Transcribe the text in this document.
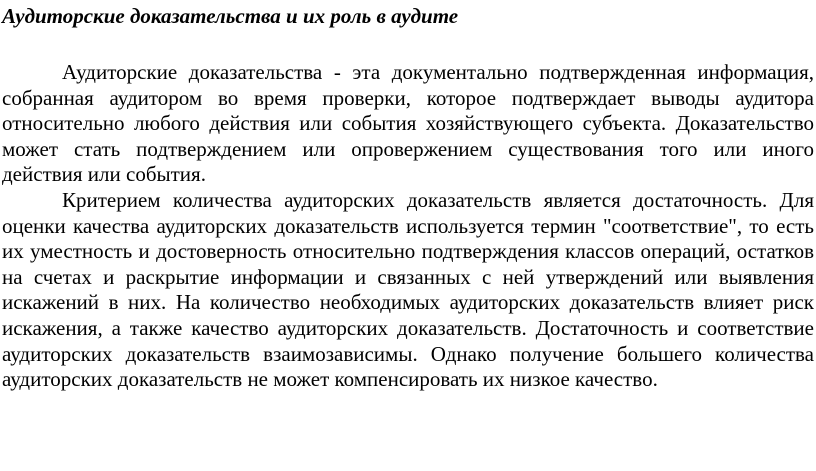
Аудиторские доказательства и их роль в аудите

Аудиторские доказательства - эта документально подтвержденная информация, собранная аудитором во время проверки, которое подтверждает выводы аудитора относительно любого действия или события хозяйствующего субъекта. Доказательство может стать подтверждением или опровержением существования того или иного действия или события.

Критерием количества аудиторских доказательств является достаточность. Для оценки качества аудиторских доказательств используется термин "соответствие", то есть их уместность и достоверность относительно подтверждения классов операций, остатков на счетах и раскрытие информации и связанных с ней утверждений или выявления искажений в них. На количество необходимых аудиторских доказательств влияет риск искажения, а также качество аудиторских доказательств. Достаточность и соответствие аудиторских доказательств взаимозависимы. Однако получение большего количества аудиторских доказательств не может компенсировать их низкое качество.
